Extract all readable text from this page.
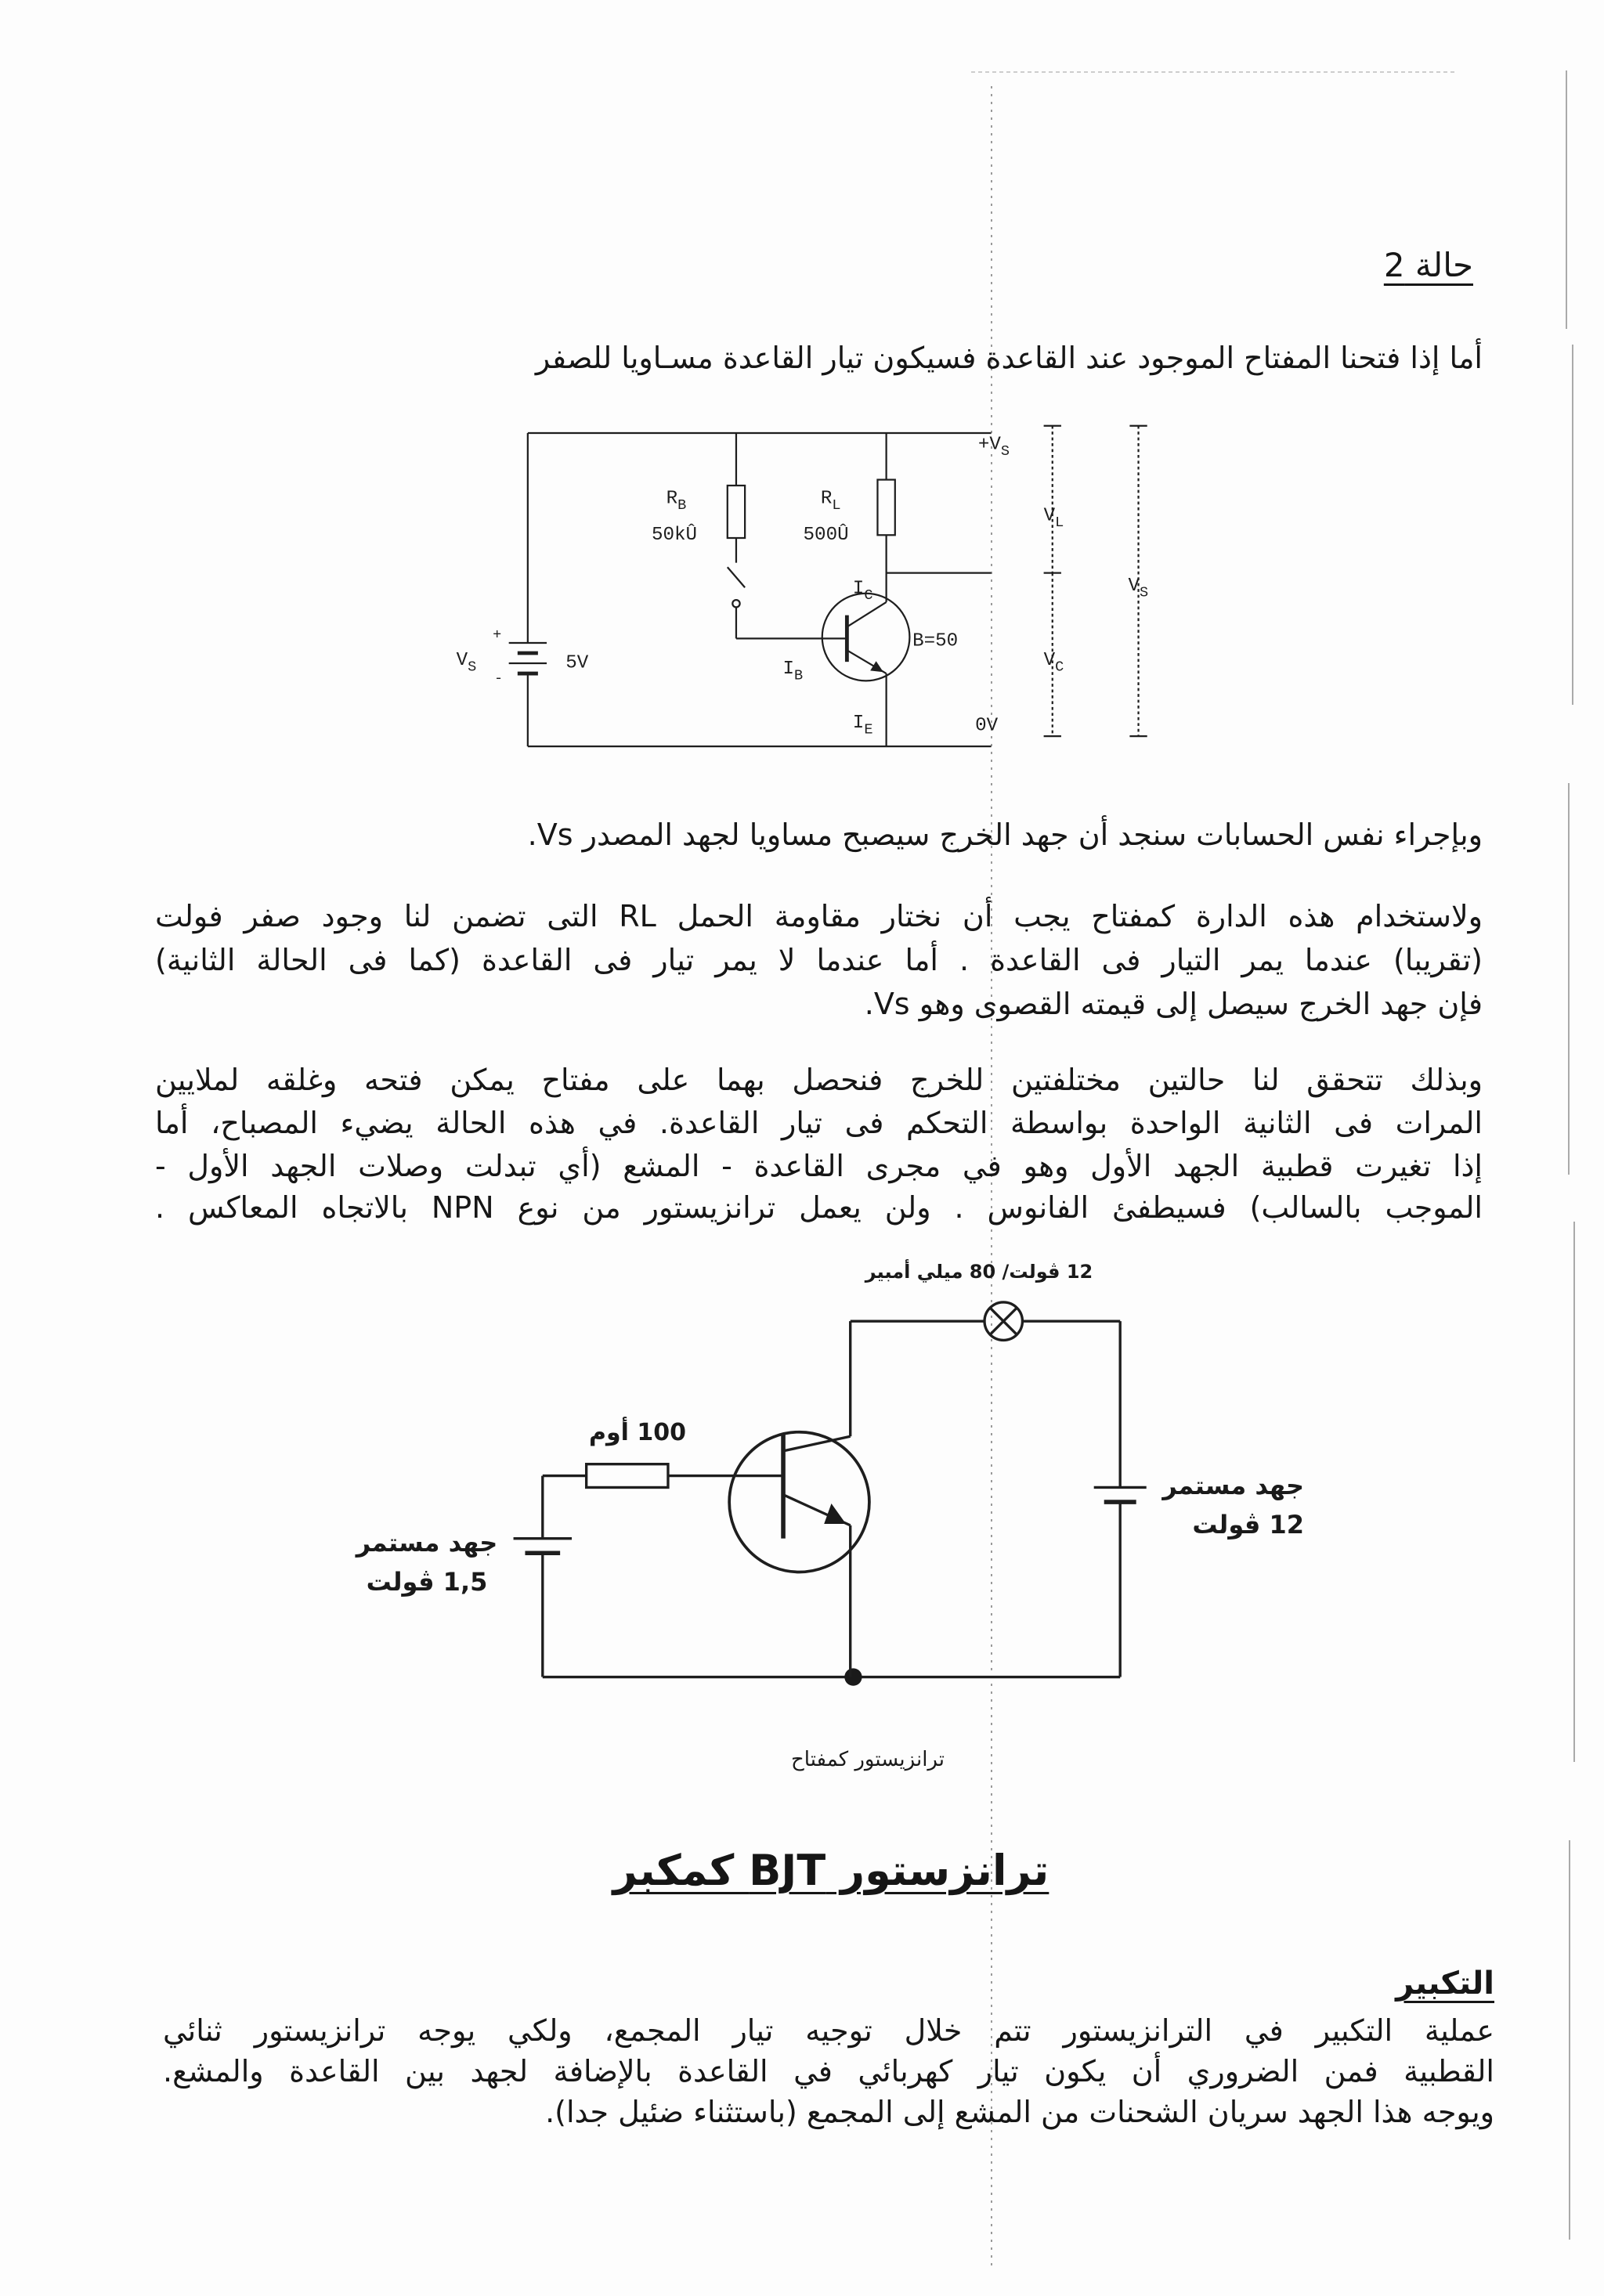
حالة 2
أما إذا فتحنا المفتاح الموجود عند القاعدة فسيكون تيار القاعدة مسـاويا للصفر
$V_S$
+
-
5V
$R_B$
50kÛ
$R_L$
500Û
$I_C$
B=50
$I_B$
$I_E$
$+V_S$
0V
$V_L$
$V_C$
$V_S$
وبإجراء نفس الحسابات سنجد أن جهد الخرج سيصبح مساويا لجهد المصدر Vs.
ولاستخدام هذه الدارة كمفتاح يجب أن نختار مقاومة الحمل RL التى تضمن لنا وجود صفر فولت
(تقريبا) عندما يمر التيار فى القاعدة . أما عندما لا يمر تيار فى القاعدة (كما فى الحالة الثانية)
فإن جهد الخرج سيصل إلى قيمته القصوى وهو Vs.
وبذلك تتحقق لنا حالتين مختلفتين للخرج فنحصل بهما على مفتاح يمكن فتحه وغلقه لملايين
المرات فى الثانية الواحدة بواسطة التحكم فى تيار القاعدة. في هذه الحالة يضيء المصباح، أما
إذا تغيرت قطبية الجهد الأول وهو في مجرى القاعدة - المشع (أي تبدلت وصلات الجهد الأول -
الموجب بالسالب) فسيطفئ الفانوس . ولن يعمل ترانزيستور من نوع NPN بالاتجاه المعاكس .
12 ڤولت/ 80 ميلي أمبير
100 أوم
جهد مستمر
12 ڤولت
جهد مستمر
1,5 ڤولت
ترانزيستور كمفتاح
ترانزستور BJT كمكبر
التكبير
عملية التكبير في الترانزيستور تتم خلال توجيه تيار المجمع، ولكي يوجه ترانزيستور ثنائي
القطبية فمن الضروري أن يكون تيار كهربائي في القاعدة بالإضافة لجهد بين القاعدة والمشع.
ويوجه هذا الجهد سريان الشحنات من المشع إلى المجمع (باستثناء ضئيل جدا).
